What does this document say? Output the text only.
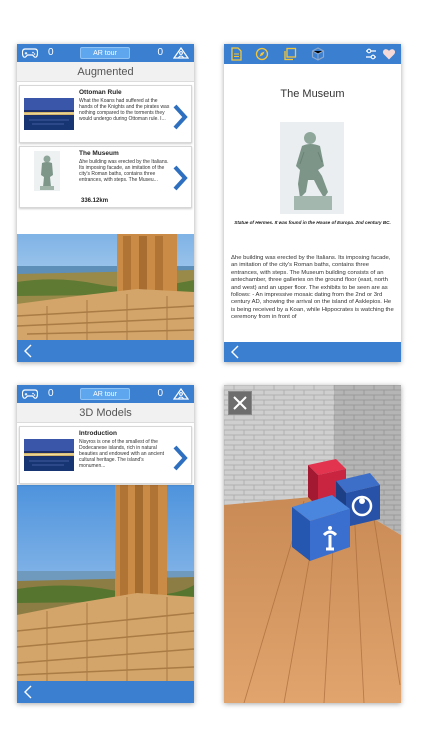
0	AR tour	0
Augmented
Ottoman Rule
What the Koans had suffered at the hands of the Knights and the pirates was nothing compared to the torments they would undergo during Ottoman rule. I...
The Museum
Δhe building was erected by the Italians. Its imposing facade, an imitation of the city's Roman baths, contains three entrances, with steps. The Museu...
336.12km
The Museum
Statue of Hermes. It was found in the House of Europa. 2nd century BC.
Δhe building was erected by the Italians. Its imposing facade, an imitation of the city's Roman baths, contains three entrances, with steps. The Museum building consists of an antechamber, three galleries on the ground floor (east, north and west) and an upper floor. The exhibits to be seen are as follows: - An impressive mosaic dating from the 2nd or 3rd century AD, showing the arrival on the island of Asklepios. He is being received by a Koan, while Hippocrates is watching the ceremony from in front of
0	AR tour	0
3D Models
Introduction
Nisyros is one of the smallest of the Dodecanese islands, rich in natural beauties and endowed with an ancient cultural heritage. The island's monumen...
